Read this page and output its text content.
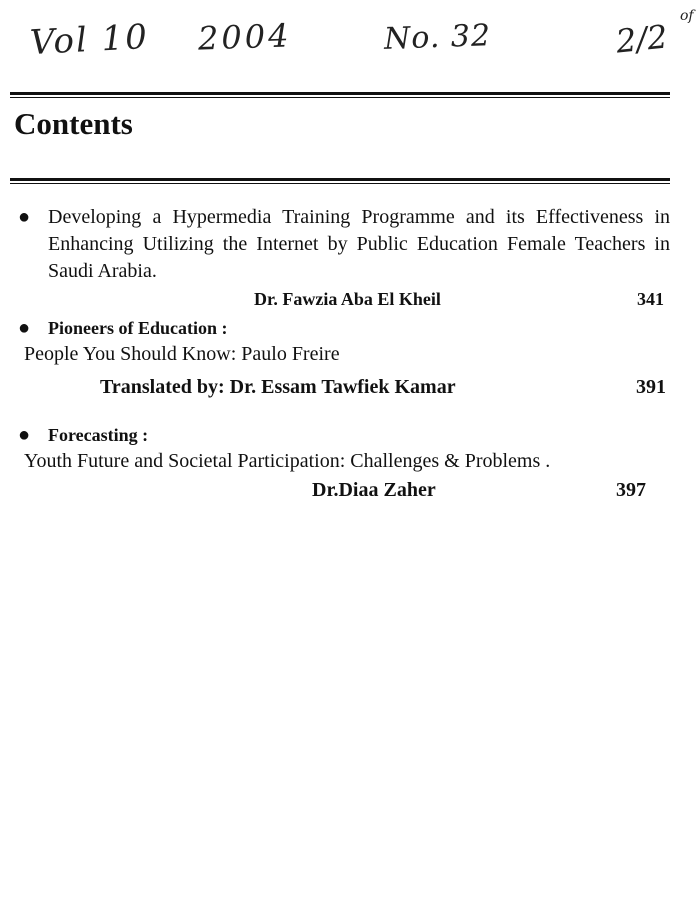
Vol 10 2004	No. 32	2/2
of
Contents
● Developing a Hypermedia Training Programme and its Effectiveness in Enhancing Utilizing the Internet by Public Education Female Teachers in Saudi Arabia.

Dr. Fawzia Aba El Kheil	341
● Pioneers of Education :

People You Should Know: Paulo Freire

Translated by: Dr. Essam Tawfiek Kamar	391
● Forecasting :

Youth Future and Societal Participation: Challenges & Problems .

Dr.Diaa Zaher	397
